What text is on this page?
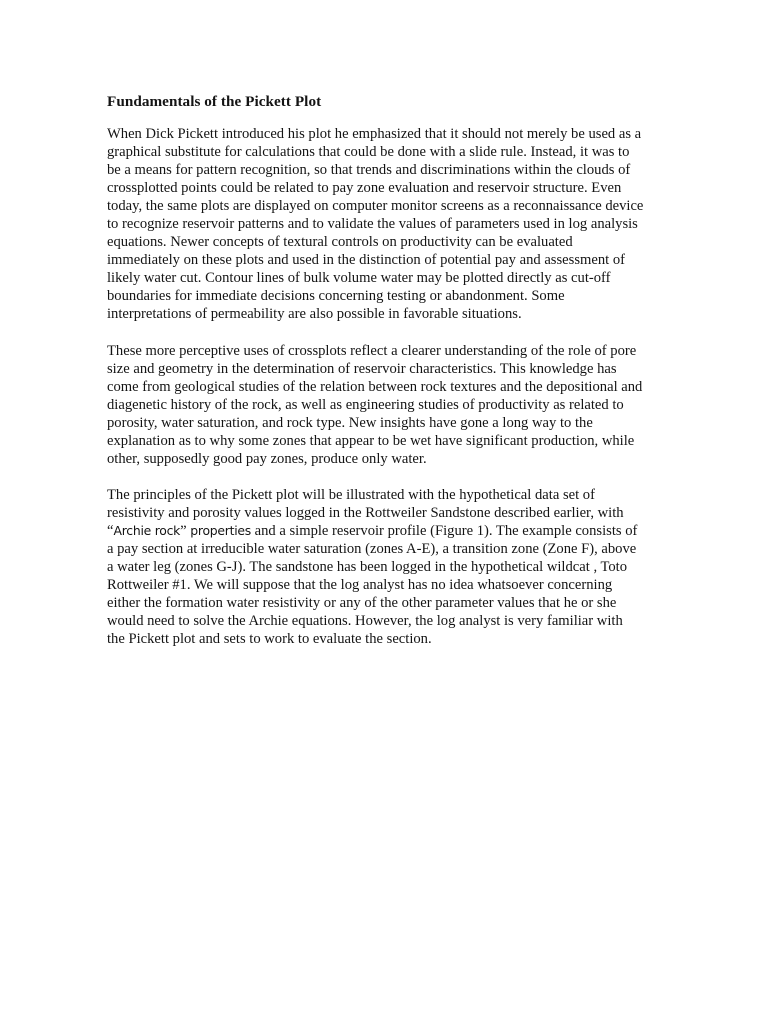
Fundamentals of the Pickett Plot
When Dick Pickett introduced his plot he emphasized that it should not merely be used as a
graphical substitute for calculations that could be done with a slide rule. Instead, it was to
be a means for pattern recognition, so that trends and discriminations within the clouds of
crossplotted points could be related to pay zone evaluation and reservoir structure. Even
today, the same plots are displayed on computer monitor screens as a reconnaissance device
to recognize reservoir patterns and to validate the values of parameters used in log analysis
equations. Newer concepts of textural controls on productivity can be evaluated
immediately on these plots and used in the distinction of potential pay and assessment of
likely water cut. Contour lines of bulk volume water may be plotted directly as cut-off
boundaries for immediate decisions concerning testing or abandonment. Some
interpretations of permeability are also possible in favorable situations.
These more perceptive uses of crossplots reflect a clearer understanding of the role of pore
size and geometry in the determination of reservoir characteristics. This knowledge has
come from geological studies of the relation between rock textures and the depositional and
diagenetic history of the rock, as well as engineering studies of productivity as related to
porosity, water saturation, and rock type. New insights have gone a long way to the
explanation as to why some zones that appear to be wet have significant production, while
other, supposedly good pay zones, produce only water.
The principles of the Pickett plot will be illustrated with the hypothetical data set of
resistivity and porosity values logged in the Rottweiler Sandstone described earlier, with
“Archie rock” properties and a simple reservoir profile (Figure 1). The example consists of
a pay section at irreducible water saturation (zones A-E), a transition zone (Zone F), above
a water leg (zones G-J). The sandstone has been logged in the hypothetical wildcat , Toto
Rottweiler #1. We will suppose that the log analyst has no idea whatsoever concerning
either the formation water resistivity or any of the other parameter values that he or she
would need to solve the Archie equations. However, the log analyst is very familiar with
the Pickett plot and sets to work to evaluate the section.
